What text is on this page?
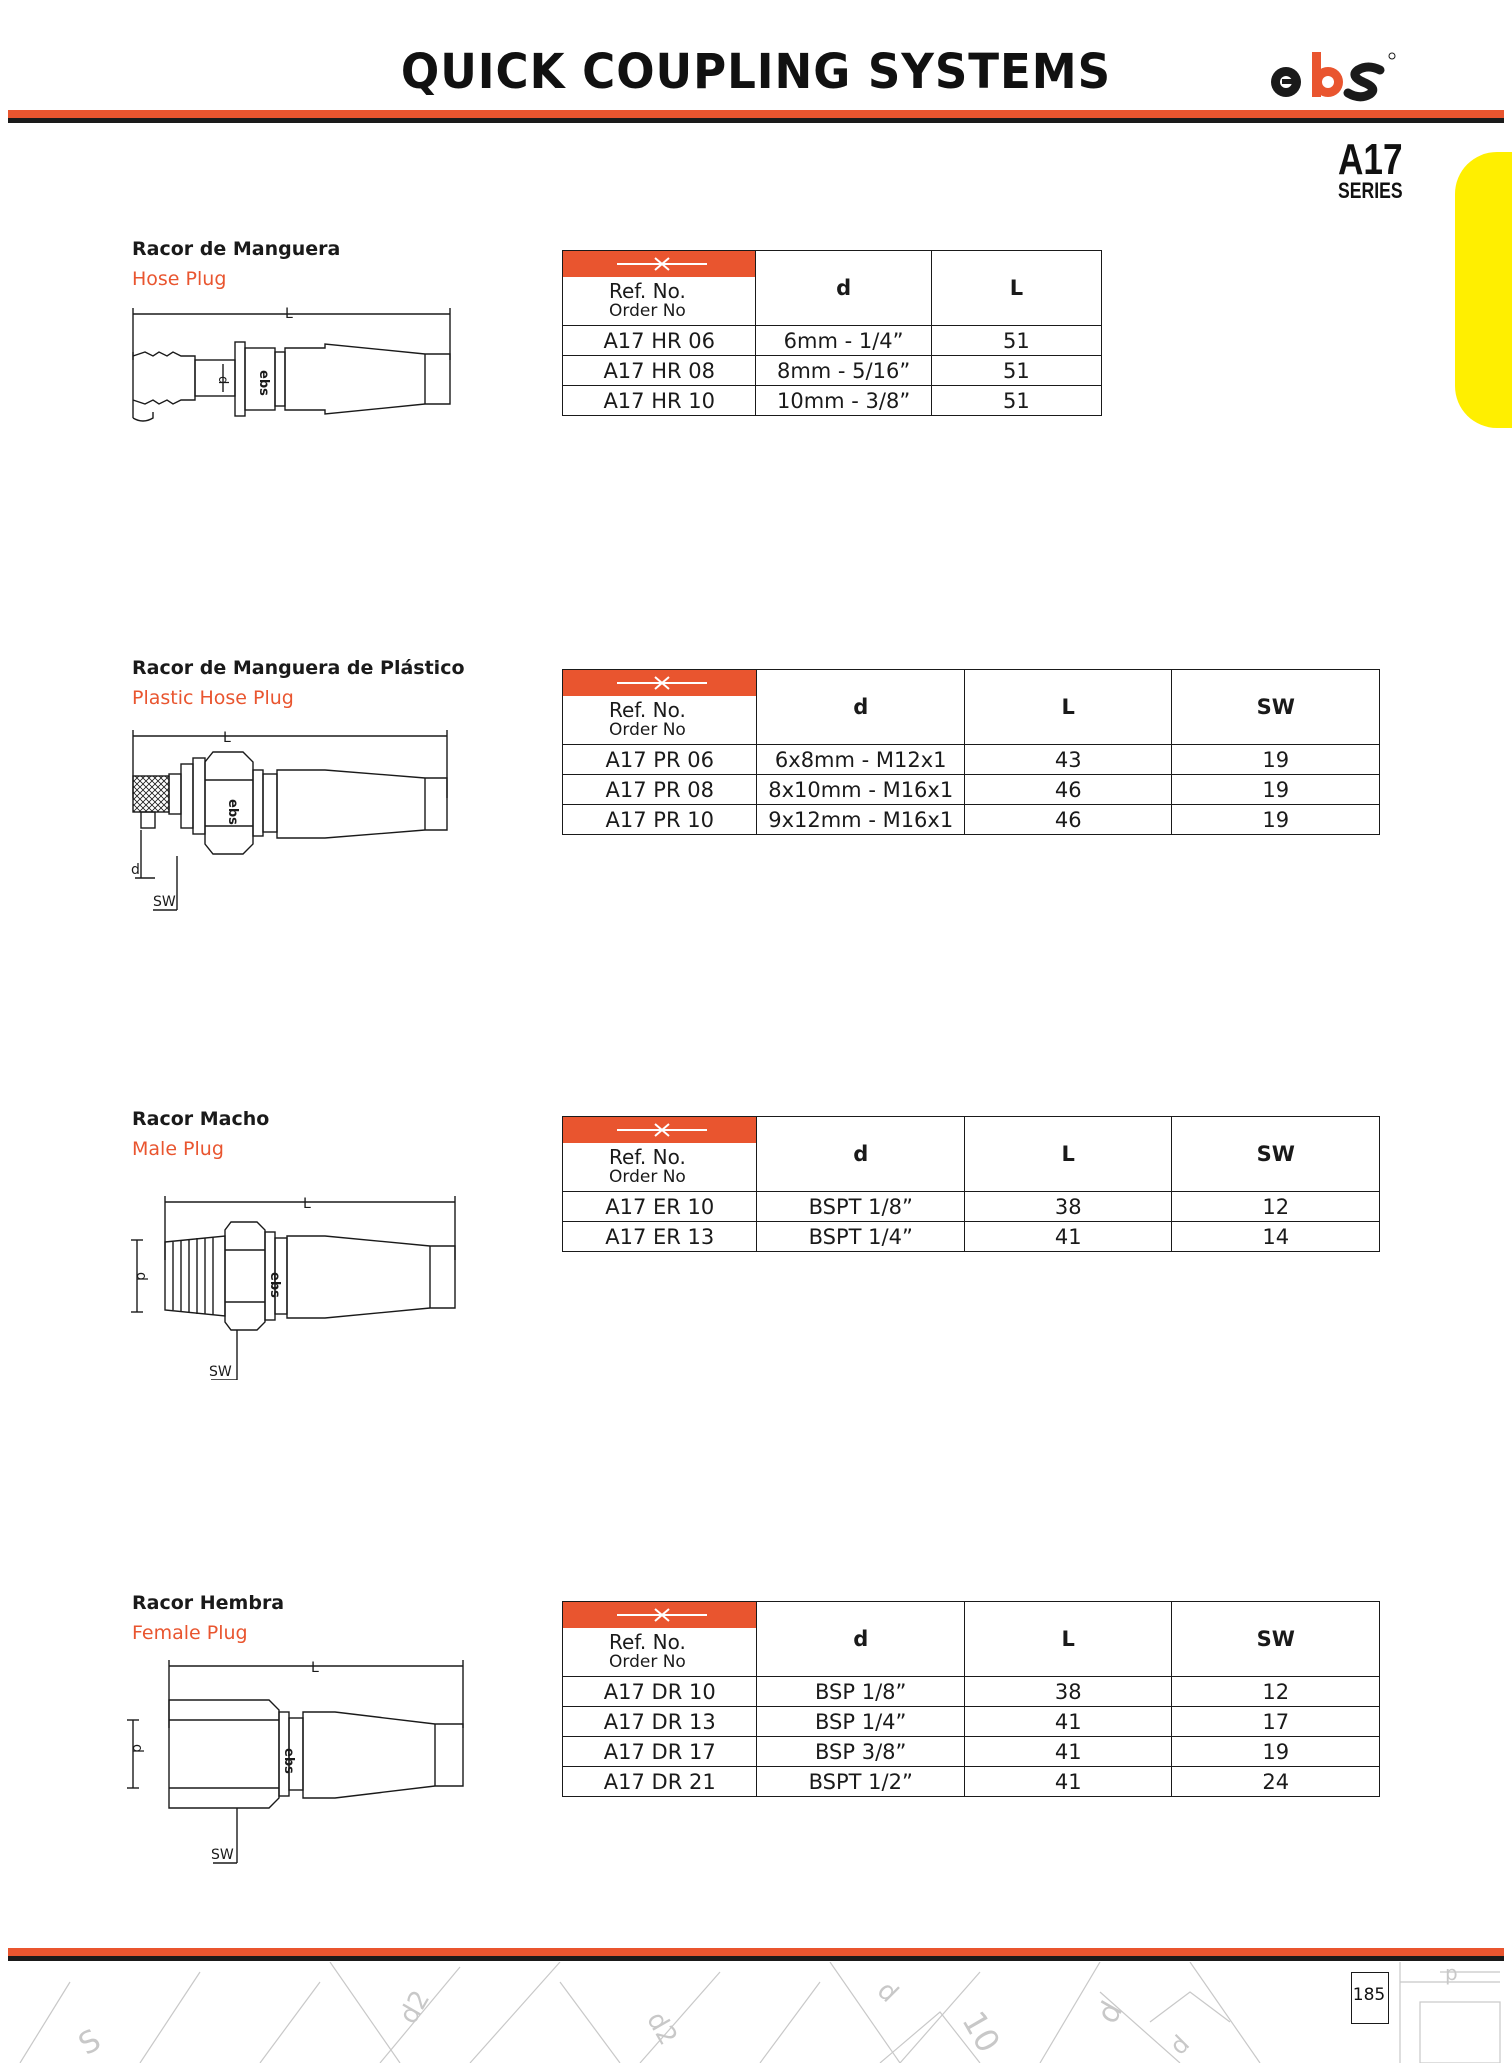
QUICK COUPLING SYSTEMS
A17
SERIES
Racor de Manguera
Hose Plug
d ebs
L
Ref. No.
Order No	d	L
A17 HR 06	6mm - 1/4”	51
A17 HR 08	8mm - 5/16”	51
A17 HR 10	10mm - 3/8”	51
Racor de Manguera de Plástico
Plastic Hose Plug
d
SW
ebs
L
Ref. No.
Order No	d	L	SW
A17 PR 06	6x8mm - M12x1	43	19
A17 PR 08	8x10mm - M16x1	46	19
A17 PR 10	9x12mm - M16x1	46	19
Racor Macho
Male Plug
d
SW
ebs
L
Ref. No.
Order No	d	L	SW
A17 ER 10	BSPT 1/8”	38	12
A17 ER 13	BSPT 1/4”	41	14
Racor Hembra
Female Plug
d
SW
ebs
L
Ref. No.
Order No	d	L	SW
A17 DR 10	BSP 1/8”	38	12
A17 DR 13	BSP 1/4”	41	17
A17 DR 17	BSP 3/8”	41	19
A17 DR 21	BSPT 1/2”	41	24
S
d2	d2
d
10	d
d
p
185
